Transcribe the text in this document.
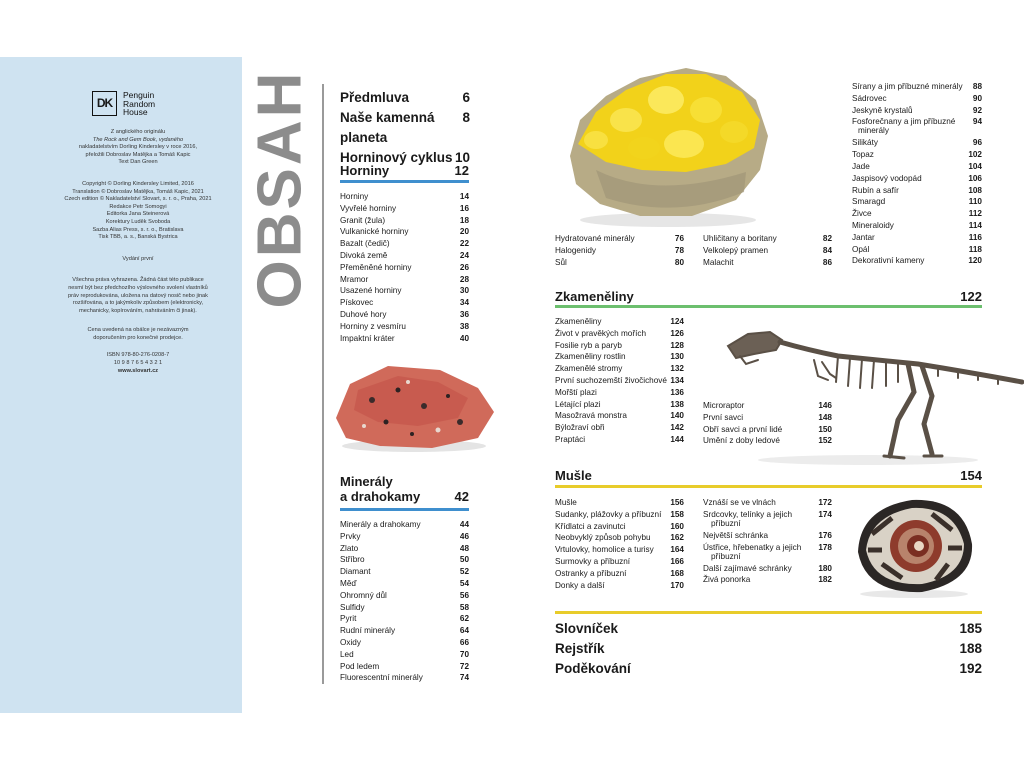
DK
Penguin
Random
House

Z anglického originálu
The Rock and Gem Book, vydaného
nakladatelstvím Dorling Kindersley v roce 2016,
přeložili Dobroslav Matějka a Tomáš Kapic
Text Dan Green

Copyright © Dorling Kindersley Limited, 2016
Translation © Dobroslav Matějka, Tomáš Kapic, 2021
Czech edition © Nakladatelství Slovart, s. r. o., Praha, 2021
Redakce Petr Somogyi
Editorka Jana Steinerová
Korektury Luděk Svoboda
Sazba Alias Press, s. r. o., Bratislava
Tisk TBB, a. s., Banská Bystrica

Vydání první

Všechna práva vyhrazena. Žádná část této publikace
nesmí být bez předchozího výslovného svolení vlastníků
práv reprodukována, uložena na datový nosič nebo jinak
rozšiřována, a to jakýmkoliv způsobem (elektronicky,
mechanicky, kopírováním, nahráváním či jinak).

Cena uvedená na obálce je nezávazným
doporučením pro konečné prodejce.

ISBN 978-80-276-0208-7
10 9 8 7 6 5 4 3 2 1
www.slovart.cz

OBSAH Předmluva	6
Naše kamenná planeta
8
Horninový cyklus 10
Horniny	12
Horniny	14
Vyvřelé horniny	16
Granit (žula)	18
Vulkanické horniny	20
Bazalt (čedič)	22
Divoká země	24
Přeměněné horniny	26
Mramor	28
Usazené horniny	30
Pískovec	34
Duhové hory	36
Horniny z vesmíru	38
Impaktní kráter	40
Minerály
a drahokamy	42
Minerály a drahokamy	44
Prvky	46
Zlato	48
Stříbro	50
Diamant	52
Měď	54
Ohromný důl	56
Sulfidy	58
Pyrit	62
Rudní minerály	64
Oxidy	66
Led	70
Pod ledem	72
Fluorescentní minerály	74
Hydratované minerály	76
Halogenidy	78
Sůl	80
Uhličitany a boritany	82
Velkolepý pramen	84
Malachit	86
Sírany a jim příbuzné minerály 88
Sádrovec	90
Jeskyně krystalů	92
Fosforečnany a jim příbuzné
minerály
94
Silikáty	96
Topaz	102
Jade	104
Jaspisový vodopád	106
Rubín a safír	108
Smaragd	110
Živce	112
Mineraloidy	114
Jantar	116
Opál	118
Dekorativní kameny	120
Zkameněliny	122
Zkameněliny	124
Život v pravěkých mořích	126
Fosilie ryb a paryb	128
Zkameněliny rostlin	130
Zkamenělé stromy	132
První suchozemští živočichové 134
Mořští plazi	136
Létající plazi	138
Masožravá monstra	140
Býložraví obři	142
Praptáci	144
Microraptor	146
První savci	148
Obří savci a první lidé	150
Umění z doby ledové	152
Mušle	154
Mušle	156
Sudanky, plážovky a příbuzní 158
Křídlatci a zavinutci	160
Neobvyklý způsob pohybu 162
Vrtulovky, homolice a turisy 164
Surmovky a příbuzní	166
Ostranky a příbuzní	168
Donky a další	170
Vznáší se ve vlnách	172
Srdcovky, telínky a jejich
příbuzní
174
Největší schránka	176
Ústřice, hřebenatky a jejich
příbuzní
178
Další zajímavé schránky	180
Živá ponorka	182
Slovníček	185
Rejstřík	188
Poděkování	192
